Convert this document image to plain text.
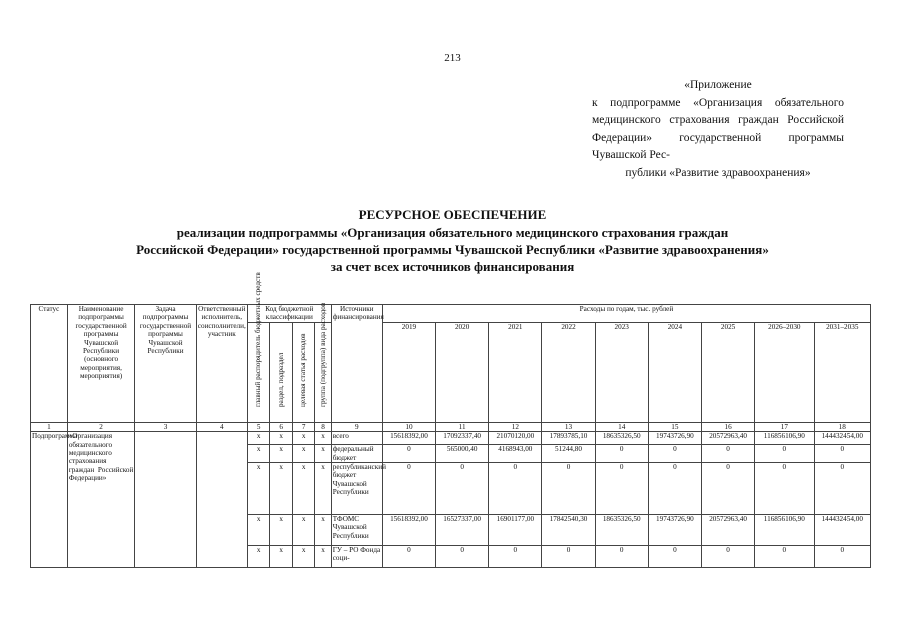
213
«Приложение
к подпрограмме «Организация обязательного медицинского страхования граждан Российской Федерации» государственной программы Чувашской Рес-
публики «Развитие здравоохранения»
РЕСУРСНОЕ ОБЕСПЕЧЕНИЕ
реализации подпрограммы «Организация обязательного медицинского страхования граждан
Российской Федерации» государственной программы Чувашской Республики «Развитие здравоохранения»
за счет всех источников финансирования
Статус	Наименование подпрограммы государственной программы Чувашской Республики (основного мероприятия, мероприятия)	Задача подпрограммы государственной программы Чувашской Республики	Ответственный исполнитель, соисполнители, участник	Код бюджетной классификации				Источники финансирования	Расходы по годам, тыс. рублей								
				главный распорядитель бюджетных средств	раздел, подраздел	целевая статья расходов	группа (подгруппа) вида расходов		2019	2020	2021	2022	2023	2024	2025	2026–2030	2031–2035
1	2	3	4	5	6	7	8	9	10	11	12	13	14	15	16	17	18
Подпрограмма	«Организация обязательного медицинского страхования граждан Российской Федерации»			x	x	x	x	всего	15618392,00	17092337,40	21070120,00	17893785,10	18635326,50	19743726,90	20572963,40	116856106,90	144432454,00
				x	x	x	x	федеральный бюджет	0	565000,40	4168943,00	51244,80	0	0	0	0	0
				x	x	x	x	республиканский бюджет Чувашской Республики	0	0	0	0	0	0	0	0	0
				x	x	x	x	ТФОМС Чувашской Республики	15618392,00	16527337,00	16901177,00	17842540,30	18635326,50	19743726,90	20572963,40	116856106,90	144432454,00
				x	x	x	x	ГУ – РО Фонда соци-	0	0	0	0	0	0	0	0	0
